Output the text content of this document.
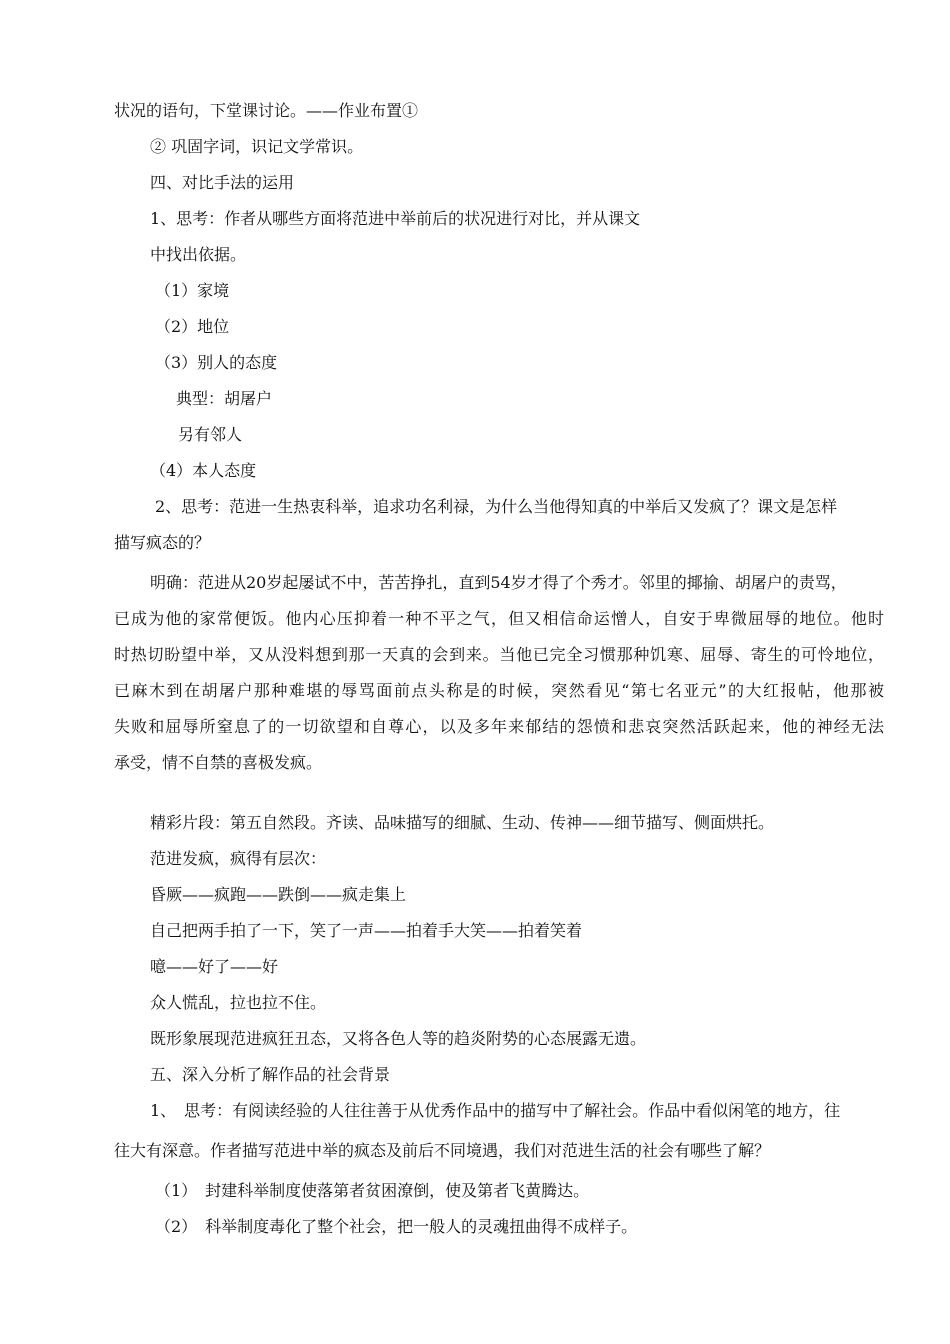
状况的语句，下堂课讨论。——作业布置①
② 巩固字词，识记文学常识。
四、对比手法的运用
1、思考：作者从哪些方面将范进中举前后的状况进行对比，并从课文
中找出依据。
（1）家境
（2）地位
（3）别人的态度
典型：胡屠户
另有邻人
（4）本人态度
2、思考：范进一生热衷科举，追求功名利禄，为什么当他得知真的中举后又发疯了？课文是怎样
描写疯态的？
明确：范进从20岁起屡试不中，苦苦挣扎，直到54岁才得了个秀才。邻里的揶揄、胡屠户的责骂，
已成为他的家常便饭。他内心压抑着一种不平之气，但又相信命运憎人，自安于卑微屈辱的地位。他时
时热切盼望中举，又从没料想到那一天真的会到来。当他已完全习惯那种饥寒、屈辱、寄生的可怜地位，
已麻木到在胡屠户那种难堪的辱骂面前点头称是的时候，突然看见“第七名亚元”的大红报帖，他那被
失败和屈辱所窒息了的一切欲望和自尊心，以及多年来郁结的怨愤和悲哀突然活跃起来，他的神经无法
承受，情不自禁的喜极发疯。
精彩片段：第五自然段。齐读、品味描写的细腻、生动、传神——细节描写、侧面烘托。
范进发疯，疯得有层次：
昏厥——疯跑——跌倒——疯走集上
自己把两手拍了一下，笑了一声——拍着手大笑——拍着笑着
噫——好了——好
众人慌乱，拉也拉不住。
既形象展现范进疯狂丑态，又将各色人等的趋炎附势的心态展露无遗。
五、深入分析了解作品的社会背景
1、　思考：有阅读经验的人往往善于从优秀作品中的描写中了解社会。作品中看似闲笔的地方，往
往大有深意。作者描写范进中举的疯态及前后不同境遇，我们对范进生活的社会有哪些了解？
（1）　封建科举制度使落第者贫困潦倒，使及第者飞黄腾达。
（2）　科举制度毒化了整个社会，把一般人的灵魂扭曲得不成样子。
